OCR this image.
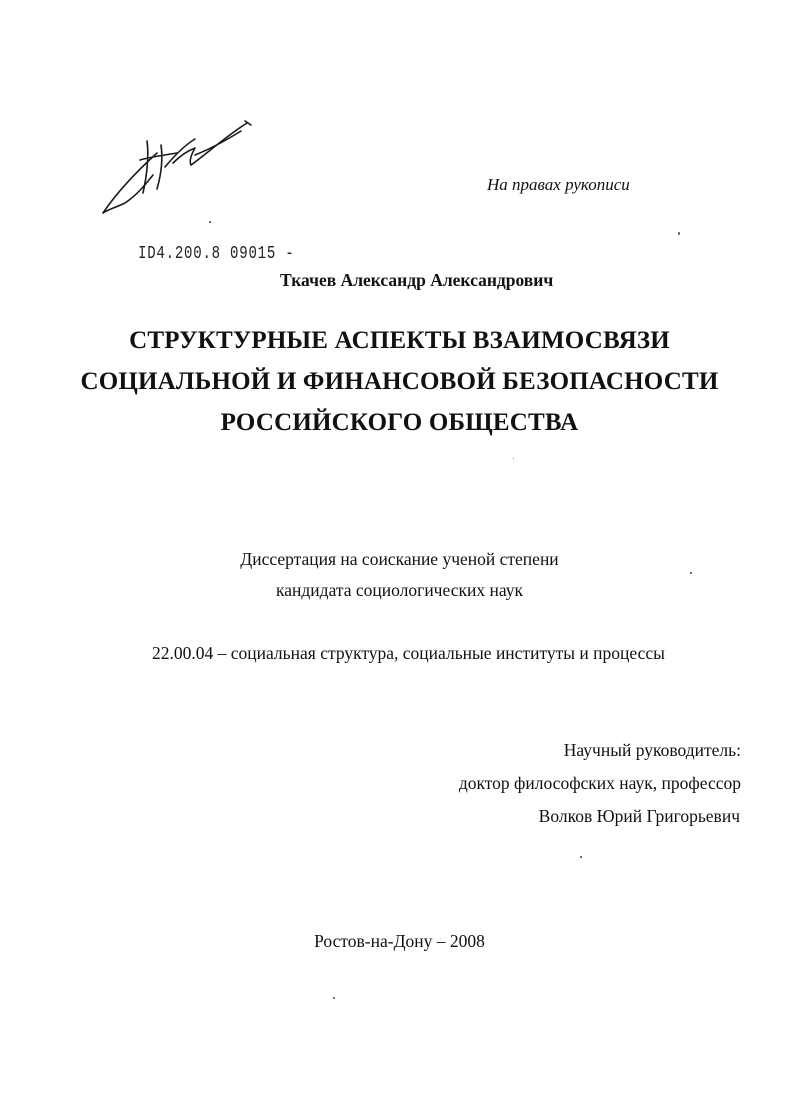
На правах рукописи
ID4.200.8 09015 -
Ткачев Александр Александрович
СТРУКТУРНЫЕ АСПЕКТЫ ВЗАИМОСВЯЗИ
СОЦИАЛЬНОЙ И ФИНАНСОВОЙ БЕЗОПАСНОСТИ
РОССИЙСКОГО ОБЩЕСТВА
Диссертация на соискание ученой степени
кандидата социологических наук
22.00.04 – социальная структура, социальные институты и процессы
Научный руководитель:
доктор философских наук, профессор
Волков Юрий Григорьевич
Ростов-на-Дону – 2008
